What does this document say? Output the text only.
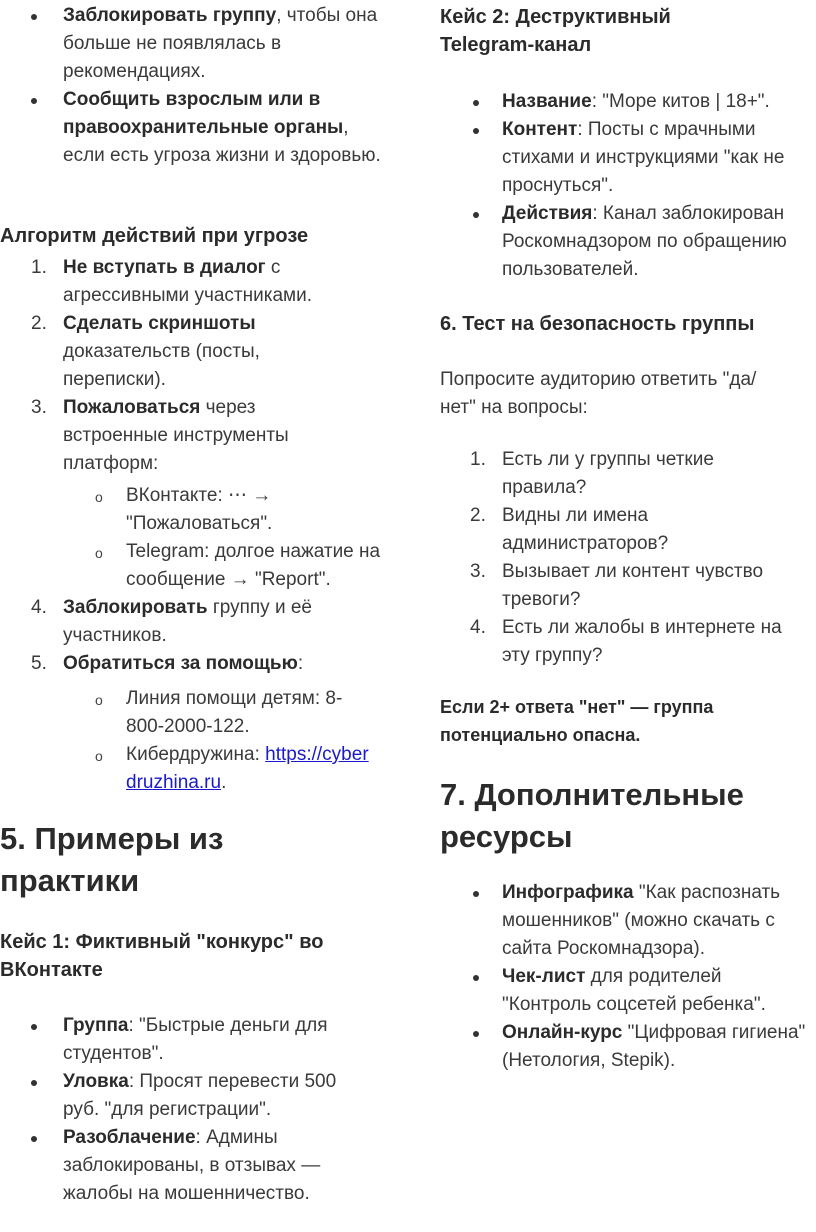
Заблокировать группу, чтобы она больше не появлялась в рекомендациях.
Сообщить взрослым или в правоохранительные органы, если есть угроза жизни и здоровью.
Алгоритм действий при угрозе
1. Не вступать в диалог с агрессивными участниками.
2. Сделать скриншоты доказательств (посты, переписки).
3. Пожаловаться через встроенные инструменты платформ:
o ВКонтакте: ⋯ → "Пожаловаться".
o Telegram: долгое нажатие на сообщение → "Report".
4. Заблокировать группу и её участников.
5. Обратиться за помощью:
o Линия помощи детям: 8-800-2000-122.
o Кибердружина: https://cyberdruzhina.ru.
5. Примеры из практики
Кейс 1: Фиктивный "конкурс" во ВКонтакте
Группа: "Быстрые деньги для студентов".
Уловка: Просят перевести 500 руб. "для регистрации".
Разоблачение: Админы заблокированы, в отзывах — жалобы на мошенничество.
Кейс 2: Деструктивный Telegram-канал
Название: "Море китов | 18+".
Контент: Посты с мрачными стихами и инструкциями "как не проснуться".
Действия: Канал заблокирован Роскомнадзором по обращению пользователей.
6. Тест на безопасность группы
Попросите аудиторию ответить "да/нет" на вопросы:
1. Есть ли у группы четкие правила?
2. Видны ли имена администраторов?
3. Вызывает ли контент чувство тревоги?
4. Есть ли жалобы в интернете на эту группу?

Если 2+ ответа "нет" — группа потенциально опасна.

7. Дополнительные ресурсы
Инфографика "Как распознать мошенников" (можно скачать с сайта Роскомнадзора).
Чек-лист для родителей "Контроль соцсетей ребенка".
Онлайн-курс "Цифровая гигиена" (Нетология, Stepik).
